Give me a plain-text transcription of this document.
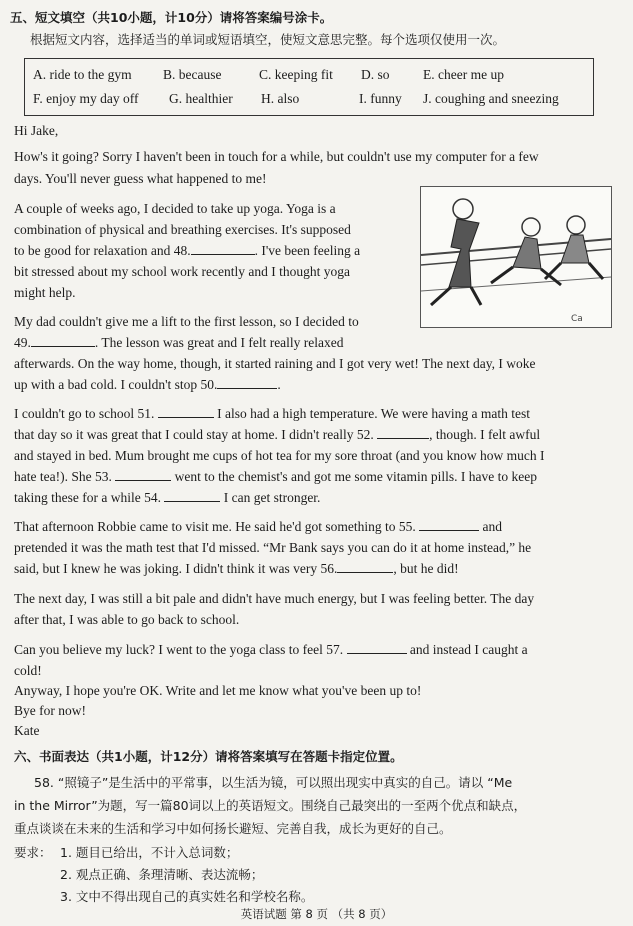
五、短文填空（共10小题，计10分）请将答案编号涂卡。
根据短文内容，选择适当的单词或短语填空，使短文意思完整。每个选项仅使用一次。
A. ride to the gym B. because	C. keeping fit D. so E. cheer me up
F. enjoy my day off G. healthier H. also	I. funny J. coughing and sneezing
Hi Jake,
How's it going? Sorry I haven't been in touch for a while, but couldn't use my computer for a few
days. You'll never guess what happened to me!
A couple of weeks ago, I decided to take up yoga. Yoga is a
combination of physical and breathing exercises. It's supposed
to be good for relaxation and 48.	. I've been feeling a
bit stressed about my school work recently and I thought yoga
might help.
Ca
My dad couldn't give me a lift to the first lesson, so I decided to
49.	. The lesson was great and I felt really relaxed
afterwards. On the way home, though, it started raining and I got very wet! The next day, I woke
up with a bad cold. I couldn't stop 50.	.
I couldn't go to school 51.	I also had a high temperature. We were having a math test
that day so it was great that I could stay at home. I didn't really 52.	, though. I felt awful
and stayed in bed. Mum brought me cups of hot tea for my sore throat (and you know how much I
hate tea!). She 53.	went to the chemist's and got me some vitamin pills. I have to keep
taking these for a while 54.	I can get stronger.
That afternoon Robbie came to visit me. He said he'd got something to 55.	and
pretended it was the math test that I'd missed. “Mr Bank says you can do it at home instead,” he
said, but I knew he was joking. I didn't think it was very 56.	, but he did!
The next day, I was still a bit pale and didn't have much energy, but I was feeling better. The day
after that, I was able to go back to school.
Can you believe my luck? I went to the yoga class to feel 57.	and instead I caught a
cold!
Anyway, I hope you're OK. Write and let me know what you've been up to!
Bye for now!
Kate
六、书面表达（共1小题，计12分）请将答案填写在答题卡指定位置。
58. “照镜子”是生活中的平常事，以生活为镜，可以照出现实中真实的自己。请以 “Me
in the Mirror”为题，写一篇80词以上的英语短文。围绕自己最突出的一至两个优点和缺点，
重点谈谈在未来的生活和学习中如何扬长避短、完善自我，成长为更好的自己。
要求： 1. 题目已给出，不计入总词数；
2. 观点正确、条理清晰、表达流畅；
3. 文中不得出现自己的真实姓名和学校名称。
英语试题 第 8 页 （共 8 页）
